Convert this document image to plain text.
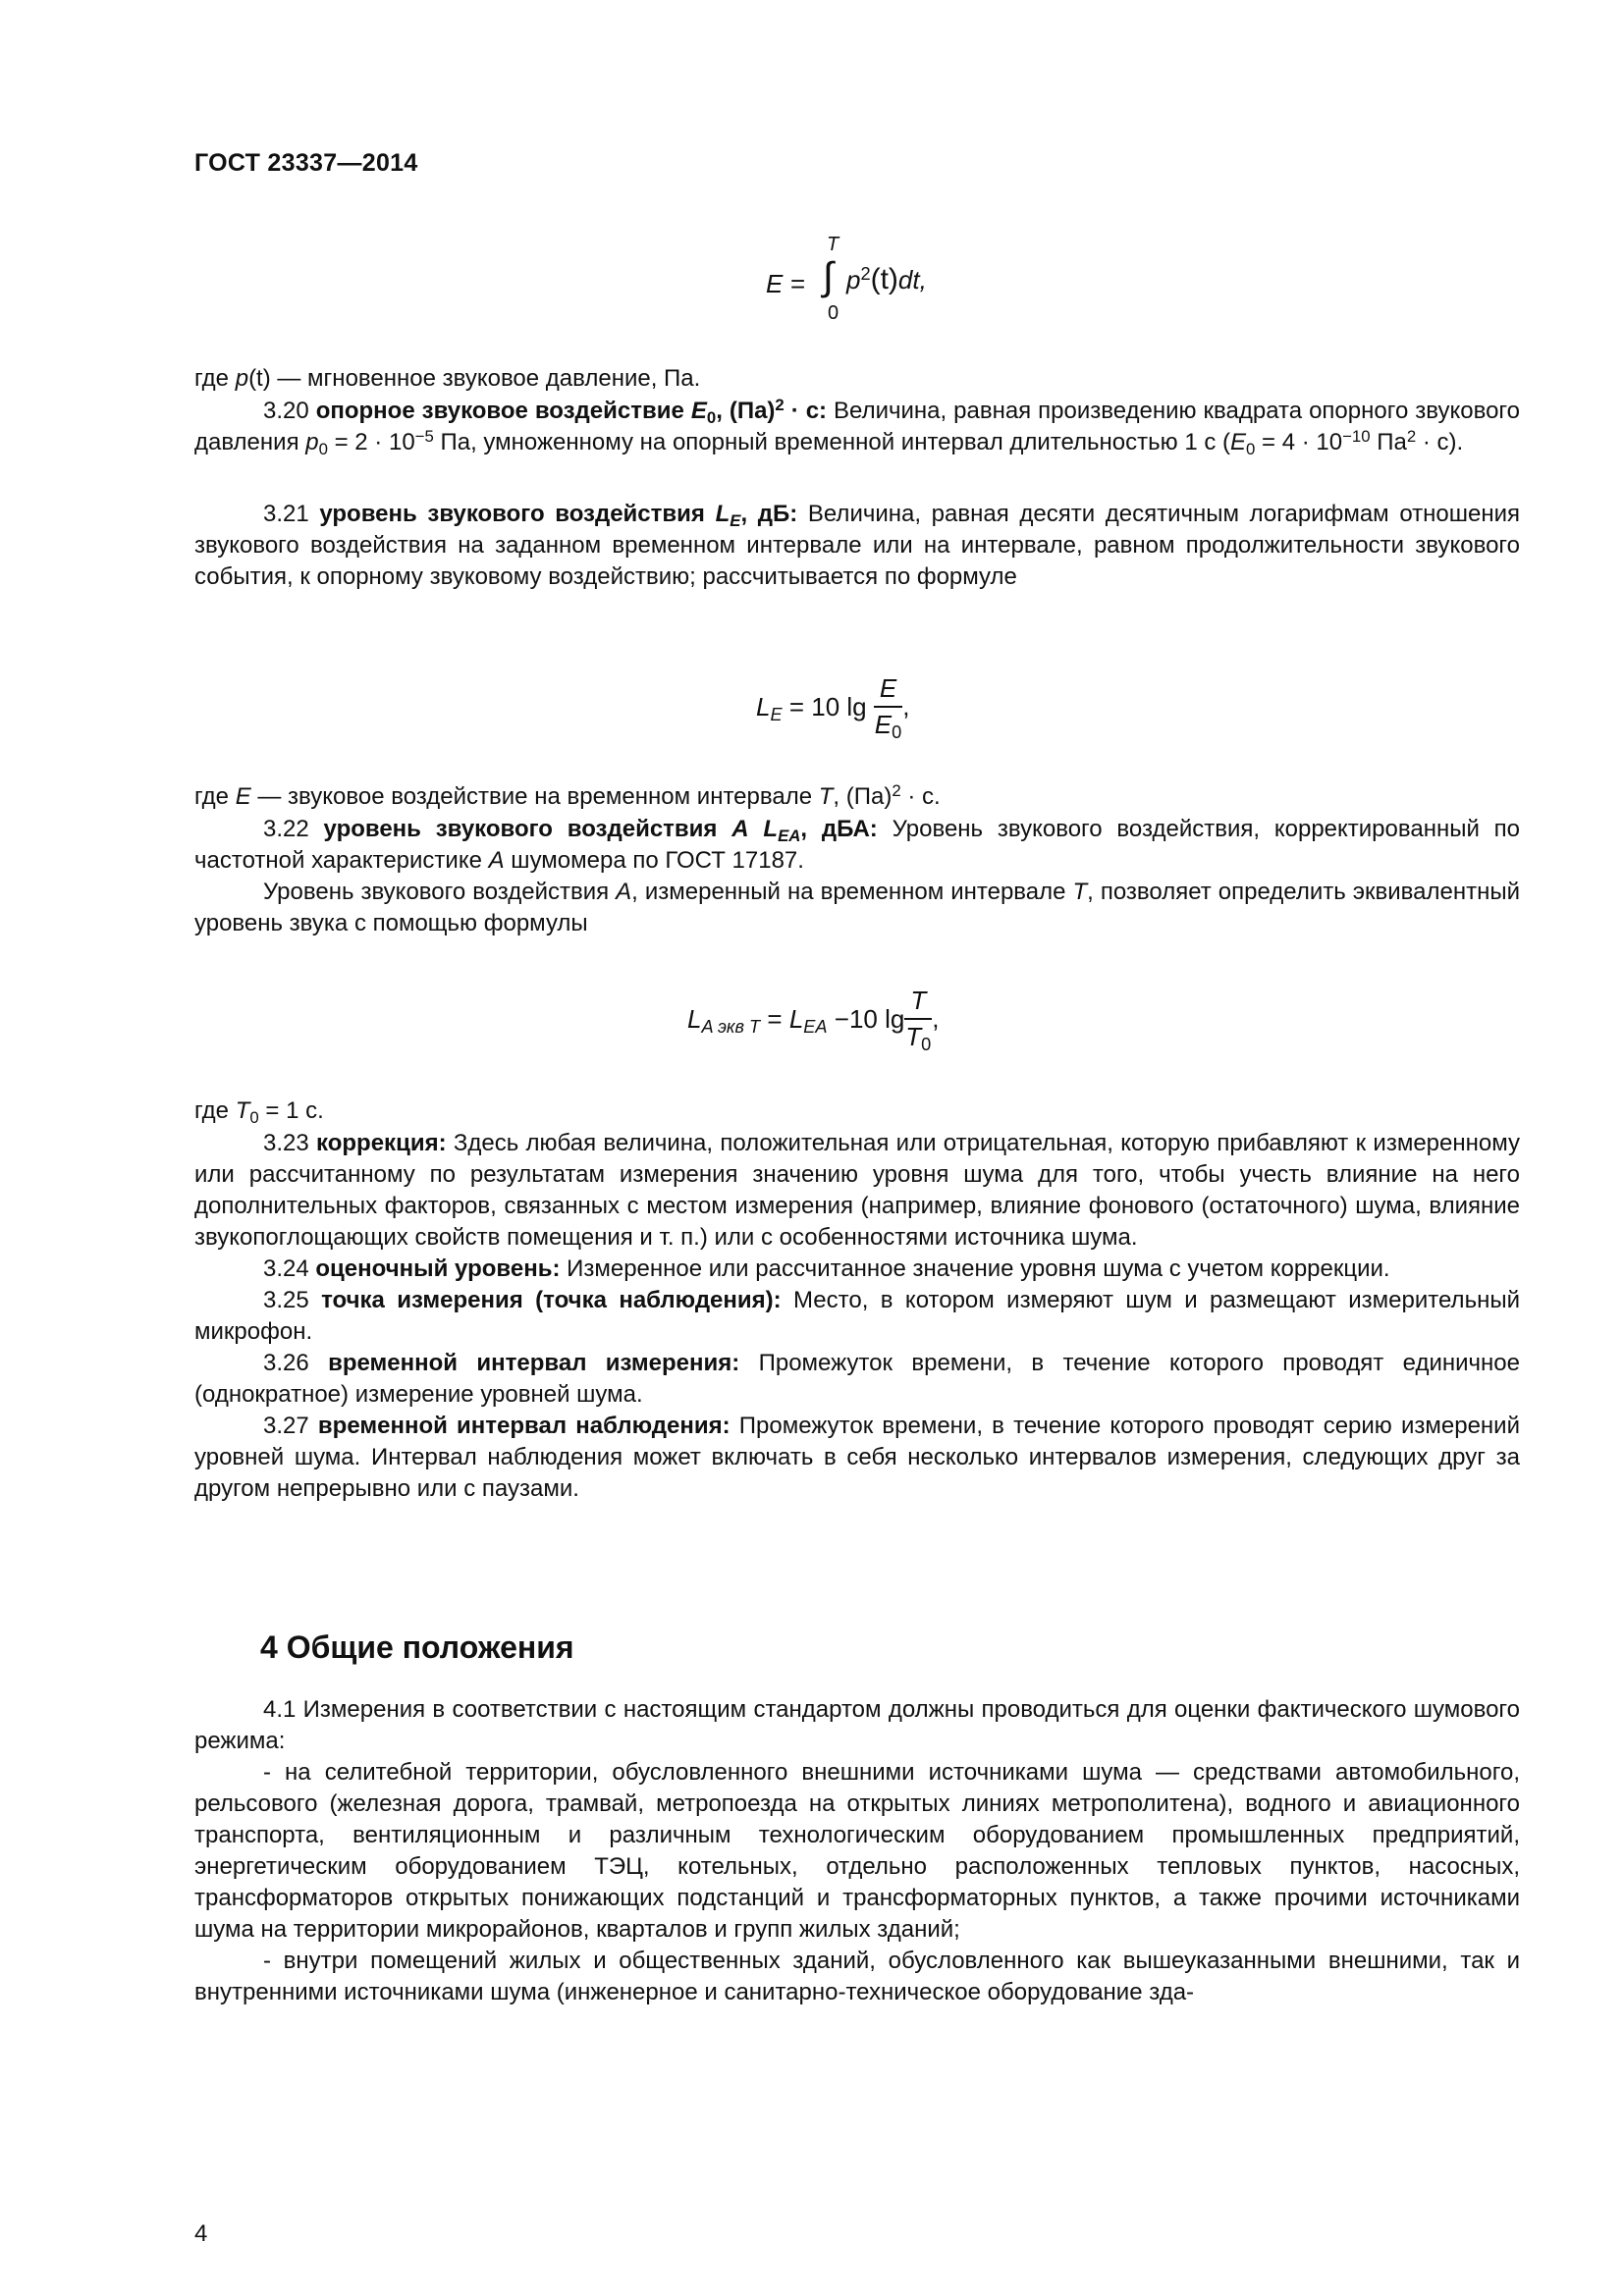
ГОСТ 23337—2014
E =
T
∫
0
$p^2(t)dt$,

где p(t) — мгновенное звуковое давление, Па.

3.20 опорное звуковое воздействие $E_0$, (Па)$^2$ · с: Величина, равная произведению квадрата опорного звукового давления $p_0 = 2 \cdot 10^{-5}$ Па, умноженному на опорный временной интервал длительностью 1 с ($E_0 = 4 \cdot 10^{-10}$ $Па^2 \cdot с$).

3.21 уровень звукового воздействия $L_E$, дБ: Величина, равная десяти десятичным логарифмам отношения звукового воздействия на заданном временном интервале или на интервале, равном продолжительности звукового события, к опорному звуковому воздействию; рассчитывается по формуле

$L_E = 10$ $\lg \frac{E}{E_0}$ ,

где E — звуковое воздействие на временном интервале T, (Па)$^2$ · с.

3.22 уровень звукового воздействия A $L_{EA}$, дБА: Уровень звукового воздействия, корректированный по частотной характеристике A шумомера по ГОСТ 17187.

Уровень звукового воздействия A, измеренный на временном интервале T, позволяет определить эквивалентный уровень звука с помощью формулы

$L_{A экв T} = L_{EA} -10$ $\lg \frac{T}{T_0}$ ,

где $T_0 = 1$ с.

3.23 коррекция: Здесь любая величина, положительная или отрицательная, которую прибавляют к измеренному или рассчитанному по результатам измерения значению уровня шума для того, чтобы учесть влияние на него дополнительных факторов, связанных с местом измерения (например, влияние фонового (остаточного) шума, влияние звукопоглощающих свойств помещения и т. п.) или с особенностями источника шума.

3.24 оценочный уровень: Измеренное или рассчитанное значение уровня шума с учетом коррекции.

3.25 точка измерения (точка наблюдения): Место, в котором измеряют шум и размещают измерительный микрофон.

3.26 временной интервал измерения: Промежуток времени, в течение которого проводят единичное (однократное) измерение уровней шума.

3.27 временной интервал наблюдения: Промежуток времени, в течение которого проводят серию измерений уровней шума. Интервал наблюдения может включать в себя несколько интервалов измерения, следующих друг за другом непрерывно или с паузами.

4 Общие положения

4.1 Измерения в соответствии с настоящим стандартом должны проводиться для оценки фактического шумового режима:

- на селитебной территории, обусловленного внешними источниками шума — средствами автомобильного, рельсового (железная дорога, трамвай, метропоезда на открытых линиях метрополитена), водного и авиационного транспорта, вентиляционным и различным технологическим оборудованием промышленных предприятий, энергетическим оборудованием ТЭЦ, котельных, отдельно расположенных тепловых пунктов, насосных, трансформаторов открытых понижающих подстанций и трансформаторных пунктов, а также прочими источниками шума на территории микрорайонов, кварталов и групп жилых зданий;

- внутри помещений жилых и общественных зданий, обусловленного как вышеуказанными внешними, так и внутренними источниками шума (инженерное и санитарно-техническое оборудование зда-

4
